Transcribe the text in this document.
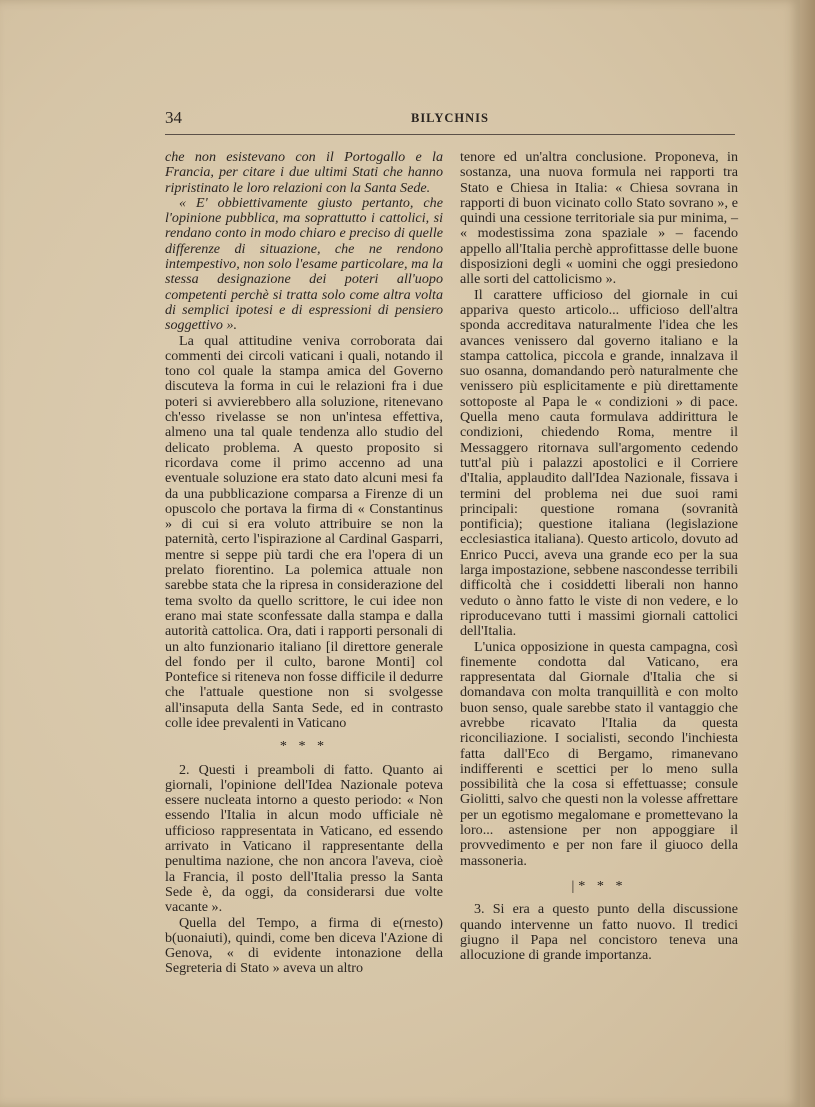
34	BILYCHNIS

che non esistevano con il Portogallo e la Francia, per citare i due ultimi Stati che hanno ripristinato le loro relazioni con la Santa Sede.

« E' obbiettivamente giusto pertanto, che l'opinione pubblica, ma soprattutto i cattolici, si rendano conto in modo chiaro e preciso di quelle differenze di situazione, che ne rendono intempestivo, non solo l'esame particolare, ma la stessa designazione dei poteri all'uopo competenti perchè si tratta solo come altra volta di semplici ipotesi e di espressioni di pensiero soggettivo ».

La qual attitudine veniva corroborata dai commenti dei circoli vaticani i quali, notando il tono col quale la stampa amica del Governo discuteva la forma in cui le relazioni fra i due poteri si avvierebbero alla soluzione, ritenevano ch'esso rivelasse se non un'intesa effettiva, almeno una tal quale tendenza allo studio del delicato problema. A questo proposito si ricordava come il primo accenno ad una eventuale soluzione era stato dato alcuni mesi fa da una pubblicazione comparsa a Firenze di un opuscolo che portava la firma di « Constantinus » di cui si era voluto attribuire se non la paternità, certo l'ispirazione al Cardinal Gasparri, mentre si seppe più tardi che era l'opera di un prelato fiorentino. La polemica attuale non sarebbe stata che la ripresa in considerazione del tema svolto da quello scrittore, le cui idee non erano mai state sconfessate dalla stampa e dalla autorità cattolica. Ora, dati i rapporti personali di un alto funzionario italiano [il direttore generale del fondo per il culto, barone Monti] col Pontefice si riteneva non fosse difficile il dedurre che l'attuale questione non si svolgesse all'insaputa della Santa Sede, ed in contrasto colle idee prevalenti in Vaticano

* * *

2. Questi i preamboli di fatto. Quanto ai giornali, l'opinione dell'Idea Nazionale poteva essere nucleata intorno a questo periodo: « Non essendo l'Italia in alcun modo ufficiale nè ufficioso rappresentata in Vaticano, ed essendo arrivato in Vaticano il rappresentante della penultima nazione, che non ancora l'aveva, cioè la Francia, il posto dell'Italia presso la Santa Sede è, da oggi, da considerarsi due volte vacante ».

Quella del Tempo, a firma di e(rnesto) b(uonaiuti), quindi, come ben diceva l'Azione di Genova, « di evidente intonazione della Segreteria di Stato » aveva un altro

tenore ed un'altra conclusione. Proponeva, in sostanza, una nuova formula nei rapporti tra Stato e Chiesa in Italia: « Chiesa sovrana in rapporti di buon vicinato collo Stato sovrano », e quindi una cessione territoriale sia pur minima, – « modestissima zona spaziale » – facendo appello all'Italia perchè approfittasse delle buone disposizioni degli « uomini che oggi presiedono alle sorti del cattolicismo ».

Il carattere ufficioso del giornale in cui appariva questo articolo... ufficioso dell'altra sponda accreditava naturalmente l'idea che les avances venissero dal governo italiano e la stampa cattolica, piccola e grande, innalzava il suo osanna, domandando però naturalmente che venissero più esplicitamente e più direttamente sottoposte al Papa le « condizioni » di pace. Quella meno cauta formulava addirittura le condizioni, chiedendo Roma, mentre il Messaggero ritornava sull'argomento cedendo tutt'al più i palazzi apostolici e il Corriere d'Italia, applaudito dall'Idea Nazionale, fissava i termini del problema nei due suoi rami principali: questione romana (sovranità pontificia); questione italiana (legislazione ecclesiastica italiana). Questo articolo, dovuto ad Enrico Pucci, aveva una grande eco per la sua larga impostazione, sebbene nascondesse terribili difficoltà che i cosiddetti liberali non hanno veduto o ànno fatto le viste di non vedere, e lo riproducevano tutti i massimi giornali cattolici dell'Italia.

L'unica opposizione in questa campagna, così finemente condotta dal Vaticano, era rappresentata dal Giornale d'Italia che si domandava con molta tranquillità e con molto buon senso, quale sarebbe stato il vantaggio che avrebbe ricavato l'Italia da questa riconciliazione. I socialisti, secondo l'inchiesta fatta dall'Eco di Bergamo, rimanevano indifferenti e scettici per lo meno sulla possibilità che la cosa si effettuasse; consule Giolitti, salvo che questi non la volesse affrettare per un egotismo megalomane e promettevano la loro... astensione per non appoggiare il provvedimento e per non fare il giuoco della massoneria.

|* * *

3. Si era a questo punto della discussione quando intervenne un fatto nuovo. Il tredici giugno il Papa nel concistoro teneva una allocuzione di grande importanza.
